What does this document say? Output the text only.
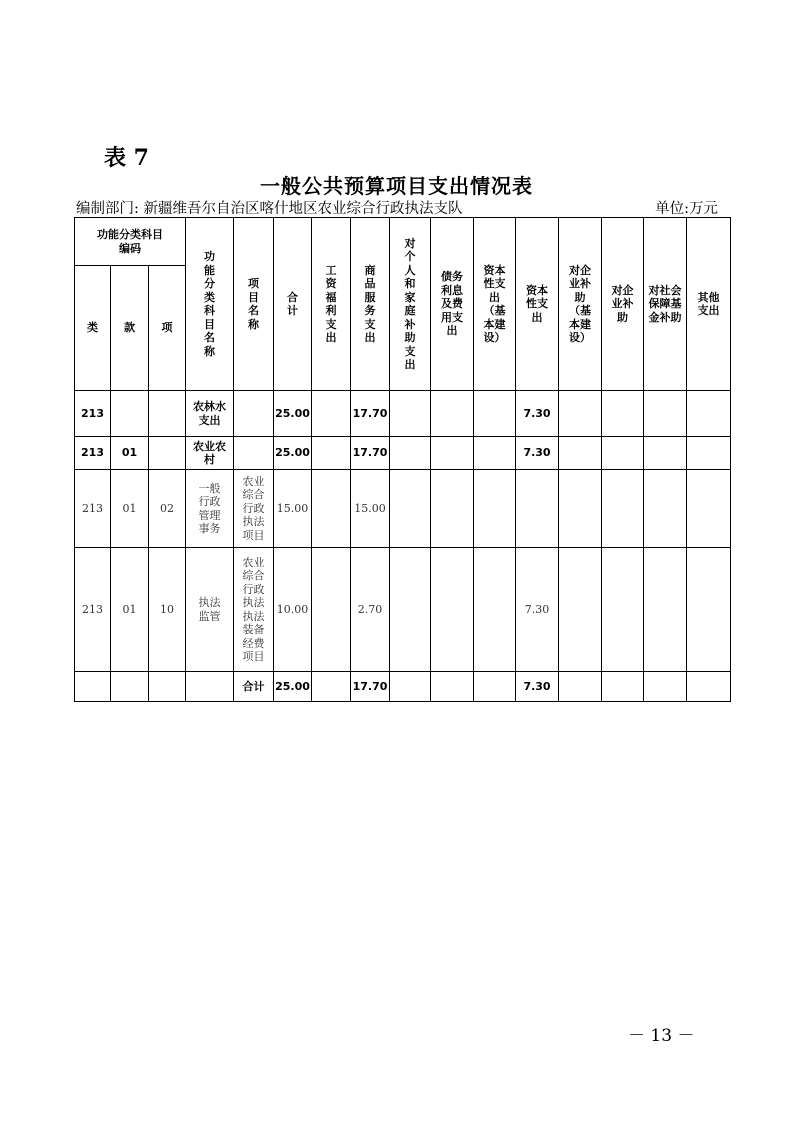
表 7
一般公共预算项目支出情况表
编制部门: 新疆维吾尔自治区喀什地区农业综合行政执法支队	单位:万元
功能分类科目编码			功能分类科目名称	项目名称	合计	工资福利支出	商品服务支出	对个人和家庭补助支出	债务利息及费用支出	资本性支出（基本建设）	资本性支出	对企业补助（基本建设）	对企业补助	对社会保障基金补助	其他支出

类	款	项													
213			农林水支出		25.00		17.70				7.30				
213	01		农业农村		25.00		17.70				7.30				
213	01	02	一般行政管理事务	农业综合行政执法项目	15.00		15.00								

213	01	10	执法监管	农业综合行政执法执法装备经费项目	10.00		2.70				7.30				
				合计	25.00		17.70				7.30				
－ 13 －
